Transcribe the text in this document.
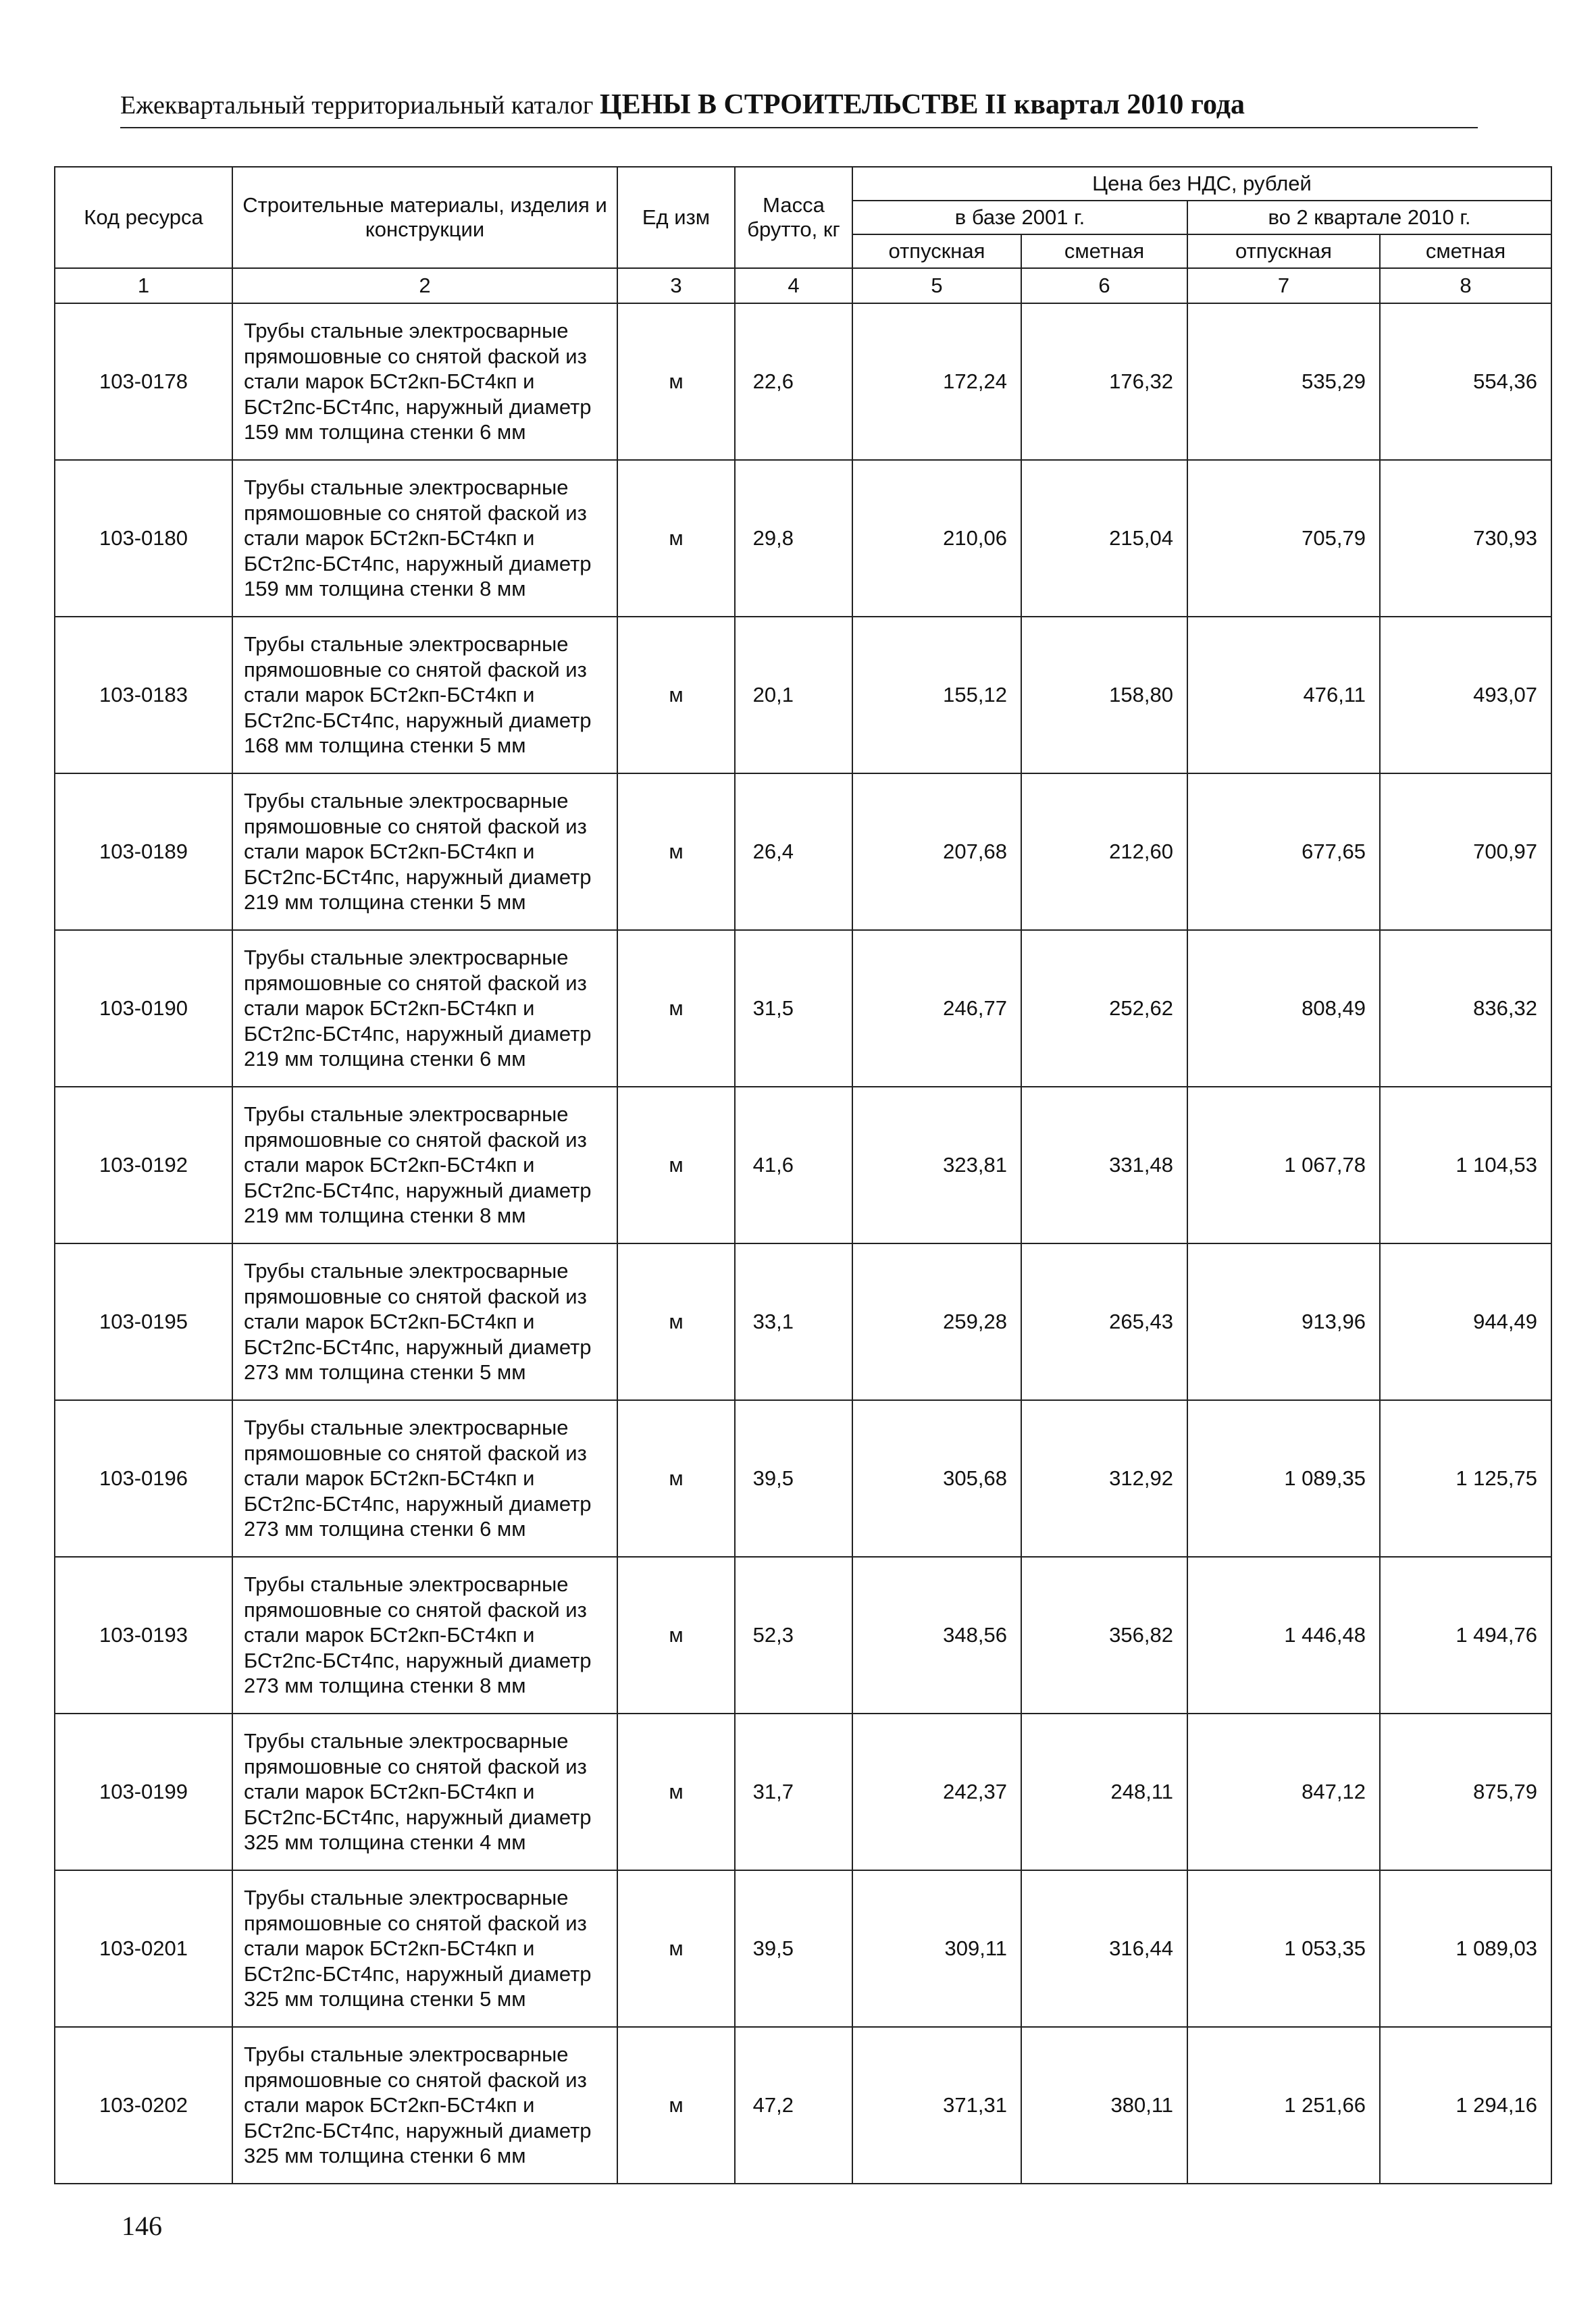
Ежеквартальный территориальный каталог ЦЕНЫ В СТРОИТЕЛЬСТВЕ II квартал 2010 года
Код ресурса	Строительные материалы, изделия и конструкции	Ед изм	Масса брутто, кг	Цена без НДС, рублей			
				в базе 2001 г.		во 2 квартале 2010 г.	
				отпускная	сметная	отпускная	сметная
1	2	3	4	5	6	7	8
103-0178	Трубы стальные электросварные прямошовные со снятой фаской из стали марок БСт2кп-БСт4кп и БСт2пс-БСт4пс, наружный диаметр 159 мм толщина стенки 6 мм	м	22,6	172,24	176,32	535,29	554,36
103-0180	Трубы стальные электросварные прямошовные со снятой фаской из стали марок БСт2кп-БСт4кп и БСт2пс-БСт4пс, наружный диаметр 159 мм толщина стенки 8 мм	м	29,8	210,06	215,04	705,79	730,93
103-0183	Трубы стальные электросварные прямошовные со снятой фаской из стали марок БСт2кп-БСт4кп и БСт2пс-БСт4пс, наружный диаметр 168 мм толщина стенки 5 мм	м	20,1	155,12	158,80	476,11	493,07
103-0189	Трубы стальные электросварные прямошовные со снятой фаской из стали марок БСт2кп-БСт4кп и БСт2пс-БСт4пс, наружный диаметр 219 мм толщина стенки 5 мм	м	26,4	207,68	212,60	677,65	700,97
103-0190	Трубы стальные электросварные прямошовные со снятой фаской из стали марок БСт2кп-БСт4кп и БСт2пс-БСт4пс, наружный диаметр 219 мм толщина стенки 6 мм	м	31,5	246,77	252,62	808,49	836,32
103-0192	Трубы стальные электросварные прямошовные со снятой фаской из стали марок БСт2кп-БСт4кп и БСт2пс-БСт4пс, наружный диаметр 219 мм толщина стенки 8 мм	м	41,6	323,81	331,48	1 067,78	1 104,53
103-0195	Трубы стальные электросварные прямошовные со снятой фаской из стали марок БСт2кп-БСт4кп и БСт2пс-БСт4пс, наружный диаметр 273 мм толщина стенки 5 мм	м	33,1	259,28	265,43	913,96	944,49
103-0196	Трубы стальные электросварные прямошовные со снятой фаской из стали марок БСт2кп-БСт4кп и БСт2пс-БСт4пс, наружный диаметр 273 мм толщина стенки 6 мм	м	39,5	305,68	312,92	1 089,35	1 125,75
103-0193	Трубы стальные электросварные прямошовные со снятой фаской из стали марок БСт2кп-БСт4кп и БСт2пс-БСт4пс, наружный диаметр 273 мм толщина стенки 8 мм	м	52,3	348,56	356,82	1 446,48	1 494,76
103-0199	Трубы стальные электросварные прямошовные со снятой фаской из стали марок БСт2кп-БСт4кп и БСт2пс-БСт4пс, наружный диаметр 325 мм толщина стенки 4 мм	м	31,7	242,37	248,11	847,12	875,79
103-0201	Трубы стальные электросварные прямошовные со снятой фаской из стали марок БСт2кп-БСт4кп и БСт2пс-БСт4пс, наружный диаметр 325 мм толщина стенки 5 мм	м	39,5	309,11	316,44	1 053,35	1 089,03
103-0202	Трубы стальные электросварные прямошовные со снятой фаской из стали марок БСт2кп-БСт4кп и БСт2пс-БСт4пс, наружный диаметр 325 мм толщина стенки 6 мм	м	47,2	371,31	380,11	1 251,66	1 294,16
146
